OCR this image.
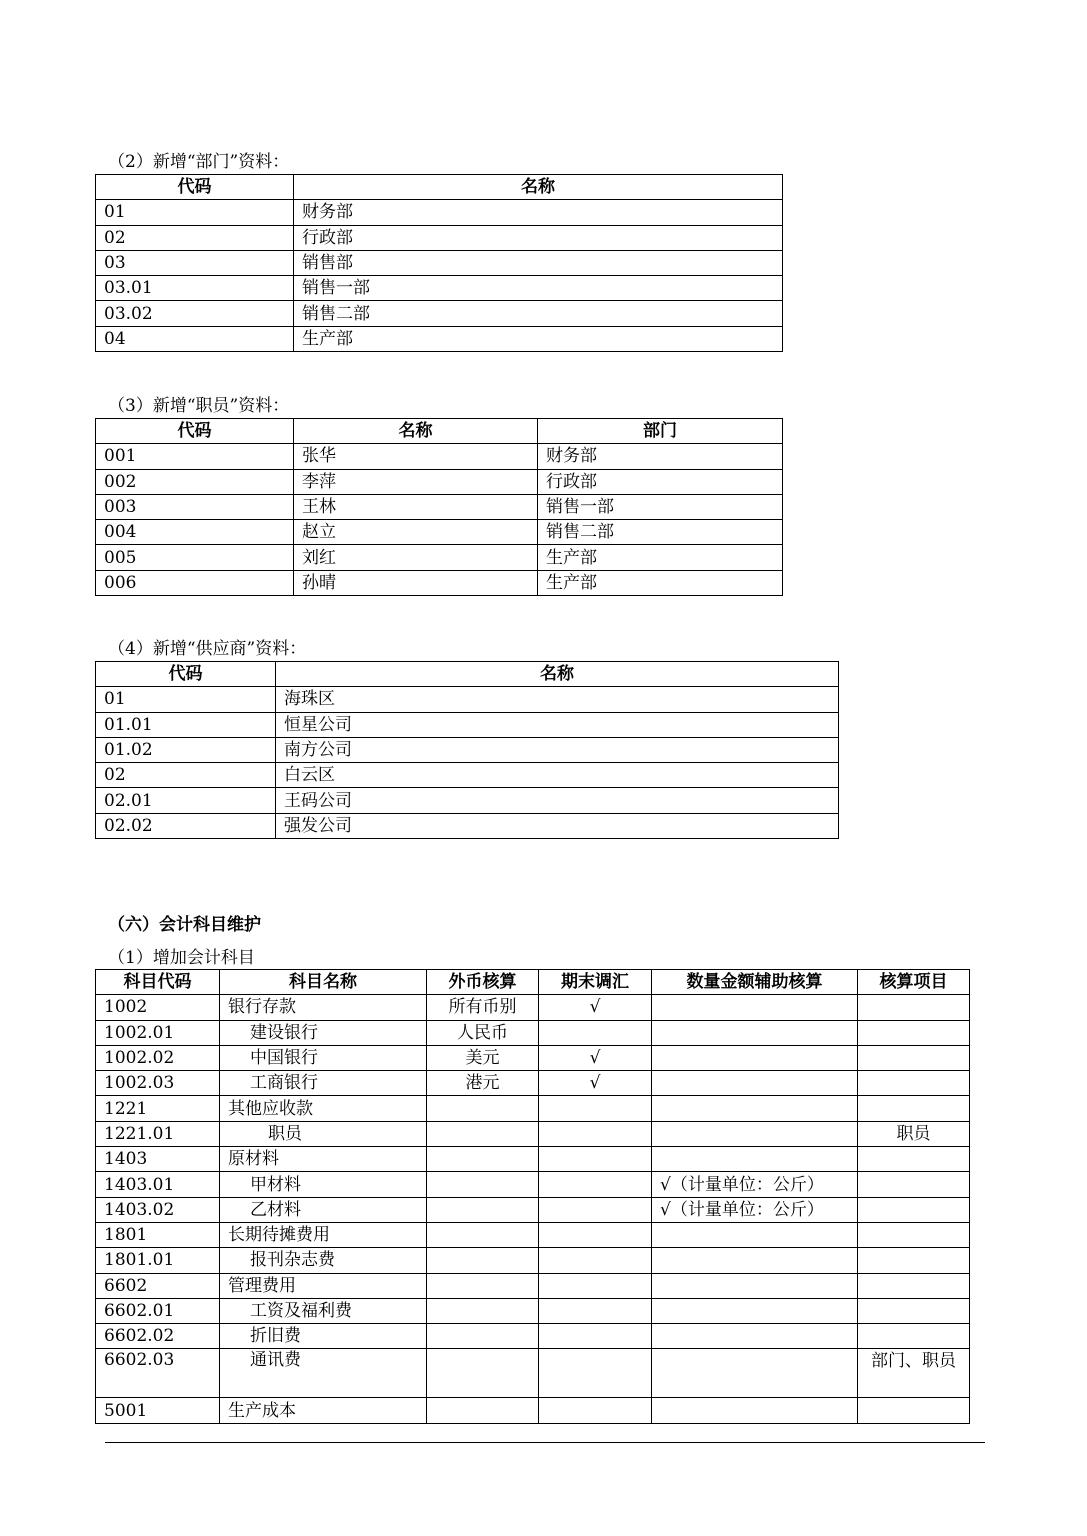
（2）新增“部门”资料：
代码	名称
01	财务部
02	行政部
03	销售部
03.01	销售一部
03.02	销售二部
04	生产部
（3）新增“职员”资料：
代码	名称	部门
001	张华	财务部
002	李萍	行政部
003	王林	销售一部
004	赵立	销售二部
005	刘红	生产部
006	孙晴	生产部
（4）新增“供应商”资料：
代码	名称
01	海珠区
01.01	恒星公司
01.02	南方公司
02	白云区
02.01	王码公司
02.02	强发公司
（六）会计科目维护
（1）增加会计科目
科目代码	科目名称	外币核算	期末调汇	数量金额辅助核算	核算项目
1002	银行存款	所有币别	√		
1002.01	建设银行	人民币			
1002.02	中国银行	美元	√		
1002.03	工商银行	港元	√		
1221	其他应收款				
1221.01	职员				职员
1403	原材料				
1403.01	甲材料			√（计量单位：公斤）	
1403.02	乙材料			√（计量单位：公斤）	
1801	长期待摊费用				
1801.01	报刊杂志费				
6602	管理费用				
6602.01	工资及福利费				
6602.02	折旧费				
6602.03	通讯费				部门、职员
5001	生产成本				
